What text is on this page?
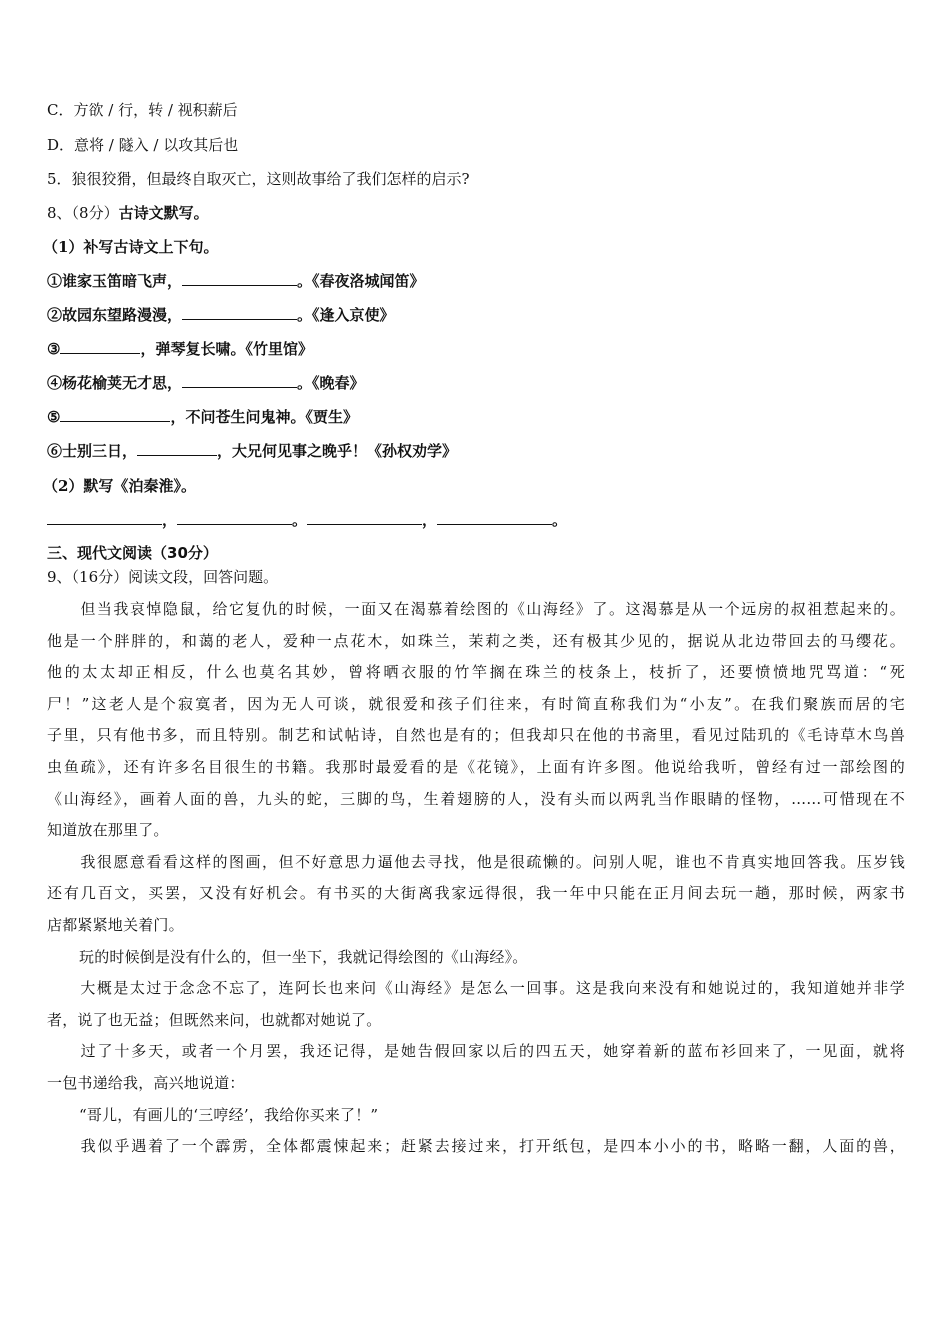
C．方欲 / 行，转 / 视积薪后
D．意将 / 隧入 / 以攻其后也
5．狼很狡猾，但最终自取灭亡，这则故事给了我们怎样的启示?
8、（8分）古诗文默写。
（1）补写古诗文上下句。
①谁家玉笛暗飞声，	。《春夜洛城闻笛》
②故园东望路漫漫，	。《逢入京使》
③	，弹琴复长啸。《竹里馆》
④杨花榆荚无才思，	。《晚春》
⑤	，不问苍生问鬼神。《贾生》
⑥士别三日，	，大兄何见事之晚乎！《孙权劝学》
（2）默写《泊秦淮》。
，	。	，	。
三、现代文阅读（30分）
9、（16分）阅读文段，回答问题。
但当我哀悼隐鼠，给它复仇的时候，一面又在渴慕着绘图的《山海经》了。这渴慕是从一个远房的叔祖惹起来的。
他是一个胖胖的，和蔼的老人，爱种一点花木，如珠兰，茉莉之类，还有极其少见的，据说从北边带回去的马缨花。
他的太太却正相反，什么也莫名其妙，曾将晒衣服的竹竿搁在珠兰的枝条上，枝折了，还要愤愤地咒骂道：“死
尸！”这老人是个寂寞者，因为无人可谈，就很爱和孩子们往来，有时简直称我们为“小友”。在我们聚族而居的宅
子里，只有他书多，而且特别。制艺和试帖诗，自然也是有的；但我却只在他的书斋里，看见过陆玑的《毛诗草木鸟兽
虫鱼疏》，还有许多名目很生的书籍。我那时最爱看的是《花镜》，上面有许多图。他说给我听，曾经有过一部绘图的
《山海经》，画着人面的兽，九头的蛇，三脚的鸟，生着翅膀的人，没有头而以两乳当作眼睛的怪物，……可惜现在不
知道放在那里了。
我很愿意看看这样的图画，但不好意思力逼他去寻找，他是很疏懒的。问别人呢，谁也不肯真实地回答我。压岁钱
还有几百文，买罢，又没有好机会。有书买的大街离我家远得很，我一年中只能在正月间去玩一趟，那时候，两家书
店都紧紧地关着门。
玩的时候倒是没有什么的，但一坐下，我就记得绘图的《山海经》。
大概是太过于念念不忘了，连阿长也来问《山海经》是怎么一回事。这是我向来没有和她说过的，我知道她并非学
者，说了也无益；但既然来问，也就都对她说了。
过了十多天，或者一个月罢，我还记得，是她告假回家以后的四五天，她穿着新的蓝布衫回来了，一见面，就将
一包书递给我，高兴地说道：
“哥儿，有画儿的‘三哼经’，我给你买来了！”
我似乎遇着了一个霹雳，全体都震悚起来；赶紧去接过来，打开纸包，是四本小小的书，略略一翻，人面的兽，
